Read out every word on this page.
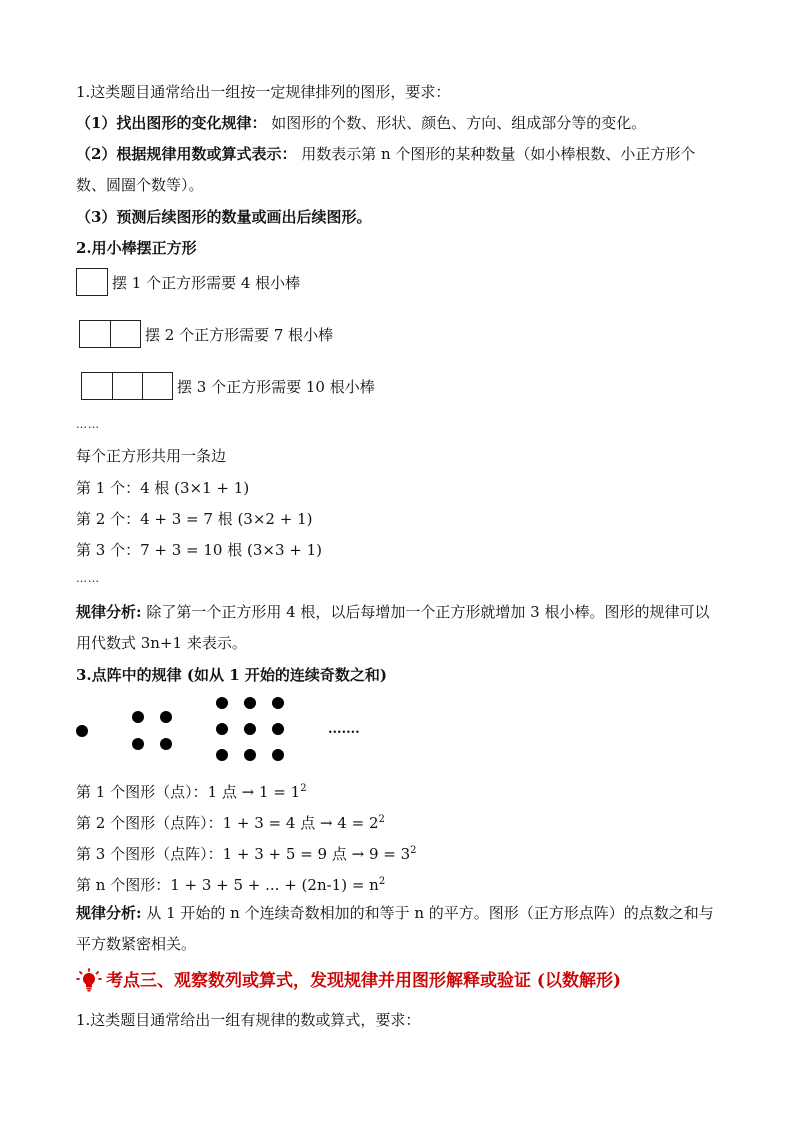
1.这类题目通常给出一组按一定规律排列的图形，要求：
（1）找出图形的变化规律： 如图形的个数、形状、颜色、方向、组成部分等的变化。
（2）根据规律用数或算式表示： 用数表示第 n 个图形的某种数量（如小棒根数、小正方形个数、圆圈个数等）。
（3）预测后续图形的数量或画出后续图形。
2.用小棒摆正方形
摆 1 个正方形需要 4 根小棒
摆 2 个正方形需要 7 根小棒
摆 3 个正方形需要 10 根小棒
……
每个正方形共用一条边
第 1 个：4 根 (3×1 + 1)
第 2 个：4 + 3 = 7 根 (3×2 + 1)
第 3 个：7 + 3 = 10 根 (3×3 + 1)
……
规律分析: 除了第一个正方形用 4 根，以后每增加一个正方形就增加 3 根小棒。图形的规律可以用代数式 3n+1 来表示。
3.点阵中的规律 (如从 1 开始的连续奇数之和)
.......
第 1 个图形（点）：1 点 → $1 = 1^2$
第 2 个图形（点阵）：1 + 3 = 4 点 → $4 = 2^2$
第 3 个图形（点阵）：1 + 3 + 5 = 9 点 → $9 = 3^2$
第 n 个图形：1 + 3 + 5 + ... + $(2n-1) = n^2$
规律分析: 从 1 开始的 n 个连续奇数相加的和等于 n 的平方。图形（正方形点阵）的点数之和与平方数紧密相关。
考点三、观察数列或算式，发现规律并用图形解释或验证 (以数解形)
1.这类题目通常给出一组有规律的数或算式，要求：
